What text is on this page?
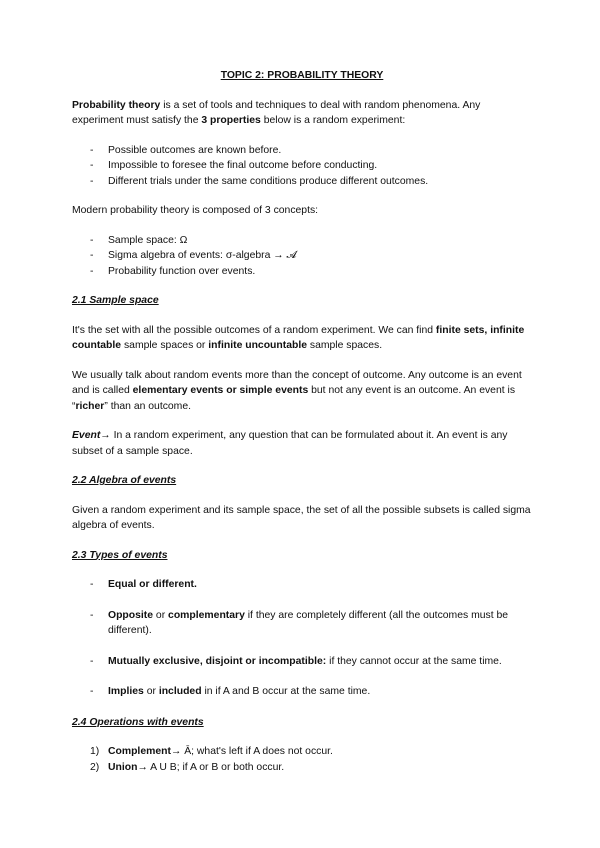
TOPIC 2: PROBABILITY THEORY

Probability theory is a set of tools and techniques to deal with random phenomena. Any experiment must satisfy the 3 properties below is a random experiment:

- Possible outcomes are known before.
- Impossible to foresee the final outcome before conducting.
- Different trials under the same conditions produce different outcomes.

Modern probability theory is composed of 3 concepts:

- Sample space: Ω
- Sigma algebra of events: σ-algebra → 𝓐
- Probability function over events.
2.1 Sample space

It's the set with all the possible outcomes of a random experiment. We can find finite sets, infinite countable sample spaces or infinite uncountable sample spaces.

We usually talk about random events more than the concept of outcome. Any outcome is an event and is called elementary events or simple events but not any event is an outcome. An event is “richer” than an outcome.

Event→ In a random experiment, any question that can be formulated about it. An event is any subset of a sample space.

2.2 Algebra of events

Given a random experiment and its sample space, the set of all the possible subsets is called sigma algebra of events.

2.3 Types of events
- Equal or different.
- Opposite or complementary if they are completely different (all the outcomes must be different).
- Mutually exclusive, disjoint or incompatible: if they cannot occur at the same time.
- Implies or included in if A and B occur at the same time.
2.4 Operations with events
1) Complement→ Ā; what's left if A does not occur.
2) Union→ A U B; if A or B or both occur.
